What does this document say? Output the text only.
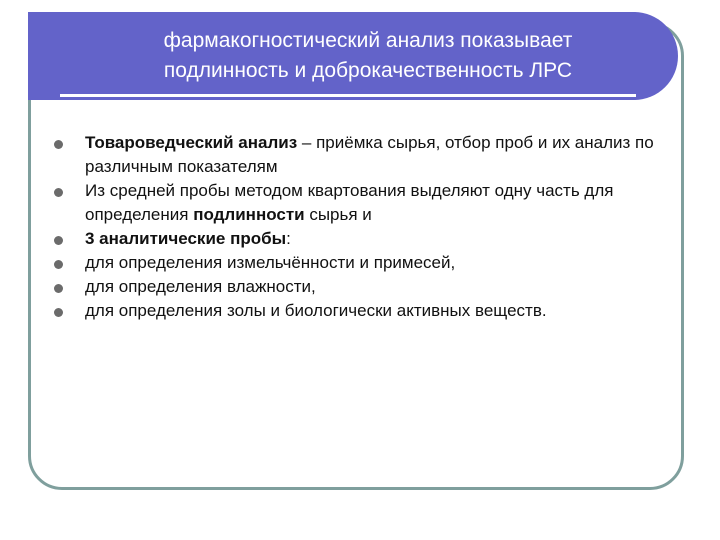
фармакогностический анализ показывает
подлинность и доброкачественность ЛРС
Товароведческий анализ – приёмка сырья, отбор проб и их анализ по различным показателям
Из средней пробы методом квартования выделяют одну часть для определения подлинности сырья и
3 аналитические пробы:
для определения измельчённости и примесей,
для определения влажности,
для определения золы и биологически активных веществ.
